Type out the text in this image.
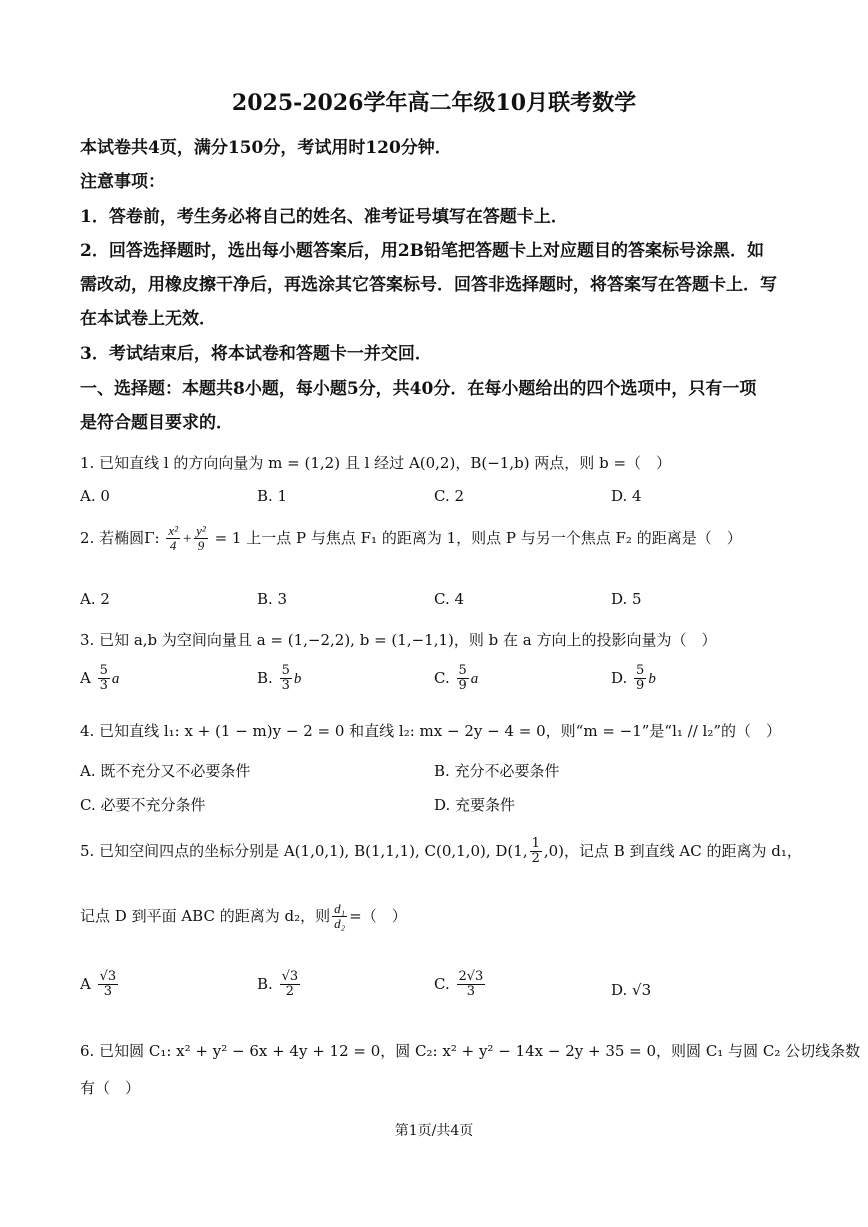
2025-2026学年高二年级10月联考数学
本试卷共4页，满分150分，考试用时120分钟．
注意事项：
1．答卷前，考生务必将自己的姓名、准考证号填写在答题卡上．
2．回答选择题时，选出每小题答案后，用2B铅笔把答题卡上对应题目的答案标号涂黑．如
需改动，用橡皮擦干净后，再选涂其它答案标号．回答非选择题时，将答案写在答题卡上．写
在本试卷上无效．
3．考试结束后，将本试卷和答题卡一并交回．
一、选择题：本题共8小题，每小题5分，共40分．在每小题给出的四个选项中，只有一项
是符合题目要求的．
1. 已知直线 l 的方向向量为 m = (1,2) 且 l 经过 A(0,2)，B(−1,b) 两点，则 b =（　）
A. 0	B. 1	C. 2	D. 4
2. 若椭圆Γ: $\frac{\text{x²}}{4} + \frac{\text{y²}}{9} = 1$ 上一点 P 与焦点 F₁ 的距离为 1，则点 P 与另一个焦点 F₂ 的距离是（　）
A. 2	B. 3	C. 4	D. 5
3. 已知 a,b 为空间向量且 a = (1,−2,2), b = (1,−1,1)，则 b 在 a 方向上的投影向量为（　）
A $\frac{5}{3}$ a	B. $\frac{5}{3}$ b	C. $\frac{5}{9}$ a	D. $\frac{5}{9}$ b
4. 已知直线 l₁: x + (1 − m)y − 2 = 0 和直线 l₂: mx − 2y − 4 = 0，则“m = −1”是“l₁ // l₂”的（　）
A. 既不充分又不必要条件	B. 充分不必要条件
C. 必要不充分条件	D. 充要条件
5. 已知空间四点的坐标分别是 A(1,0,1), B(1,1,1), C(0,1,0), D(1, $\frac{1}{2} ,0$)，记点 B 到直线 AC 的距离为 d₁，
记点 D 到平面 ABC 的距离为 d₂，则 $\frac{\text{d₁}}{\text{d₂}}$ =（　）
A $\frac{√3}{3}$	B. $\frac{√3}{2}$	C. $\frac{2√3}{3}$	D. √3
6. 已知圆 C₁: x² + y² − 6x + 4y + 12 = 0，圆 C₂: x² + y² − 14x − 2y + 35 = 0，则圆 C₁ 与圆 C₂ 公切线条数
有（　）
第1页/共4页
